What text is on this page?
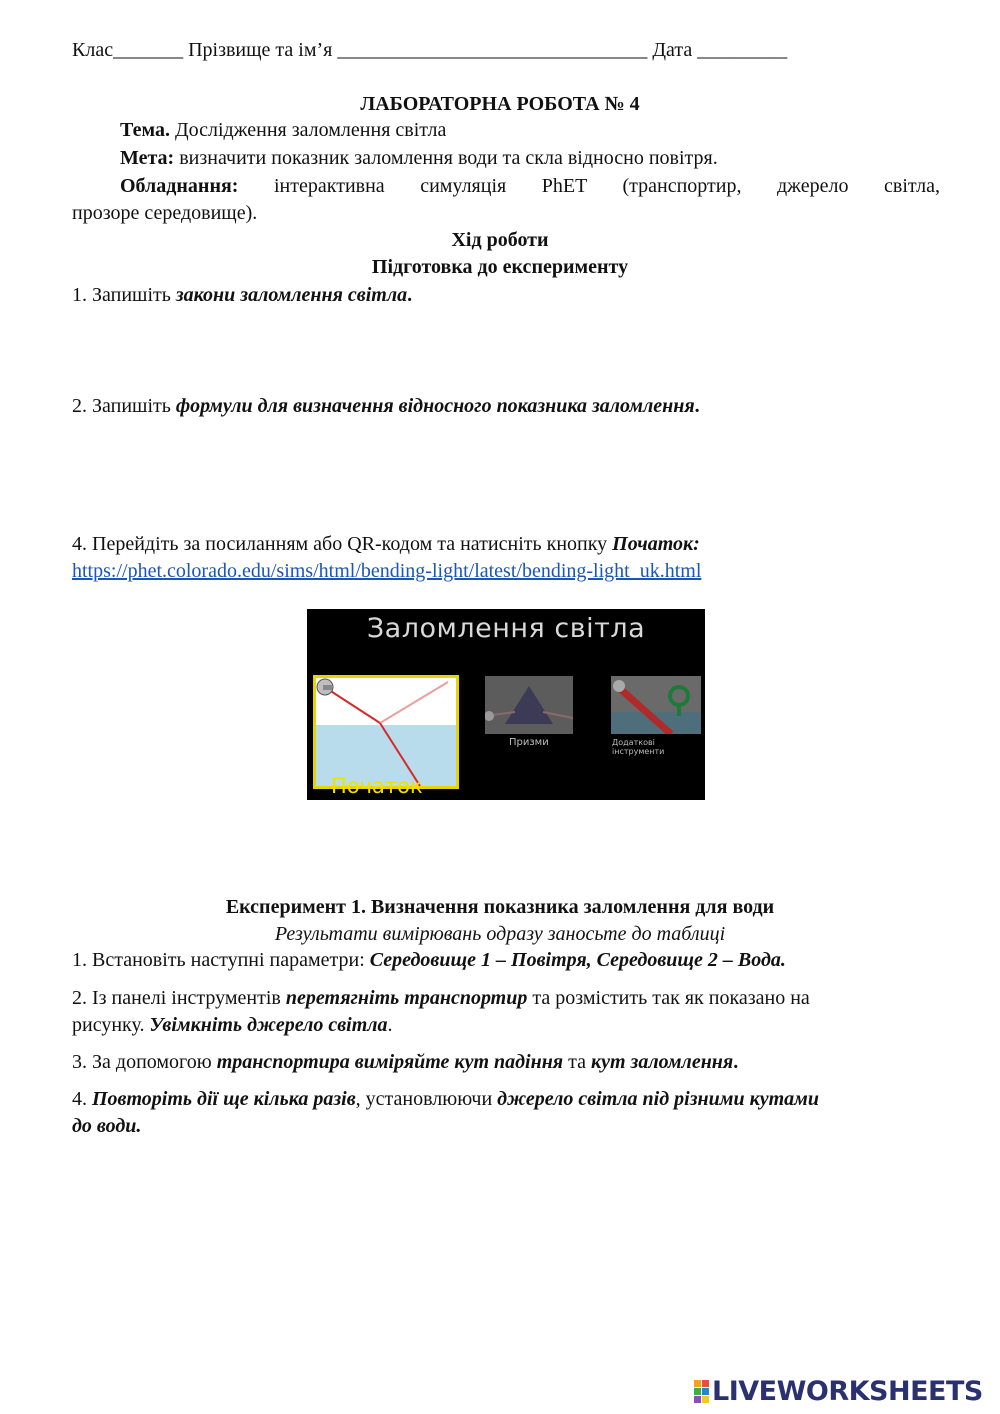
Клас_______ Прізвище та ім’я _______________________________ Дата _________
ЛАБОРАТОРНА РОБОТА № 4
Тема. Дослідження заломлення світла
Мета: визначити показник заломлення води та скла відносно повітря.
Обладнання: інтерактивна симуляція PhET (транспортир, джерело світла,
прозоре середовище).
Хід роботи
Підготовка до експерименту
1. Запишіть закони заломлення світла.
2. Запишіть формули для визначення відносного показника заломлення.
4. Перейдіть за посиланням або QR-кодом та натисніть кнопку Початок:
https://phet.colorado.edu/sims/html/bending-light/latest/bending-light_uk.html
Заломлення світла
Початок
Призми	Додаткові інструменти
Експеримент 1. Визначення показника заломлення для води
Результати вимірювань одразу заносьте до таблиці
1. Встановіть наступні параметри: Середовище 1 – Повітря, Середовище 2 – Вода.
2. Із панелі інструментів перетягніть транспортир та розмістить так як показано на
рисунку. Увімкніть джерело світла.
3. За допомогою транспортира виміряйте кут падіння та кут заломлення.
4. Повторіть дії ще кілька разів, установлюючи джерело світла під різними кутами
до води.
LIVEWORKSHEETS
